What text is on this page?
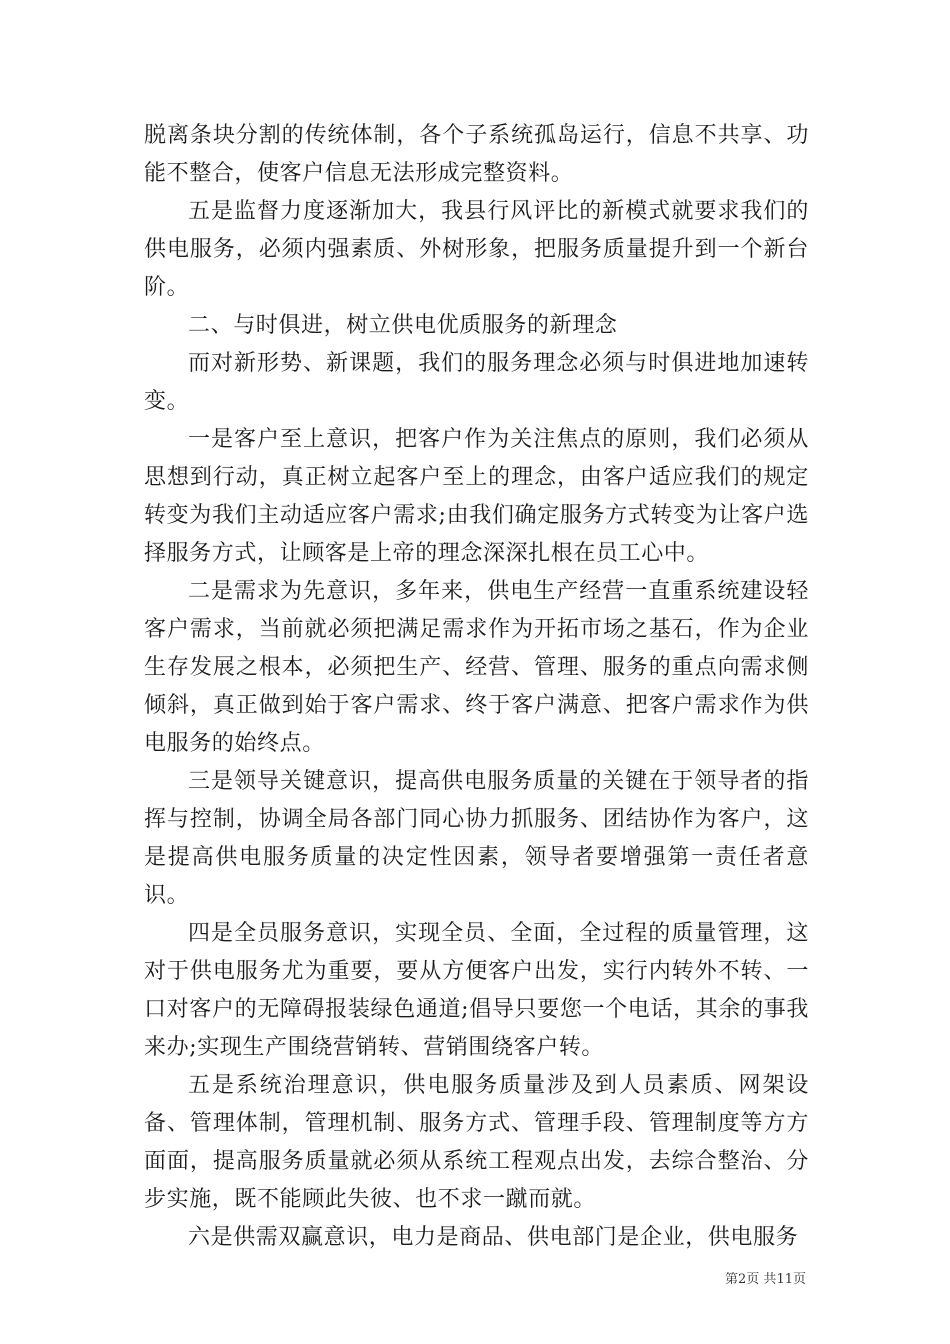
脱离条块分割的传统体制，各个子系统孤岛运行，信息不共享、功能不整合，使客户信息无法形成完整资料。

五是监督力度逐渐加大，我县行风评比的新模式就要求我们的供电服务，必须内强素质、外树形象，把服务质量提升到一个新台阶。

二、与时俱进，树立供电优质服务的新理念

而对新形势、新课题，我们的服务理念必须与时俱进地加速转变。

一是客户至上意识，把客户作为关注焦点的原则，我们必须从思想到行动，真正树立起客户至上的理念，由客户适应我们的规定转变为我们主动适应客户需求;由我们确定服务方式转变为让客户选择服务方式，让顾客是上帝的理念深深扎根在员工心中。

二是需求为先意识，多年来，供电生产经营一直重系统建设轻客户需求，当前就必须把满足需求作为开拓市场之基石，作为企业生存发展之根本，必须把生产、经营、管理、服务的重点向需求侧倾斜，真正做到始于客户需求、终于客户满意、把客户需求作为供电服务的始终点。

三是领导关键意识，提高供电服务质量的关键在于领导者的指挥与控制，协调全局各部门同心协力抓服务、团结协作为客户，这是提高供电服务质量的决定性因素，领导者要增强第一责任者意识。

四是全员服务意识，实现全员、全面，全过程的质量管理，这对于供电服务尤为重要，要从方便客户出发，实行内转外不转、一口对客户的无障碍报装绿色通道;倡导只要您一个电话，其余的事我来办;实现生产围绕营销转、营销围绕客户转。

五是系统治理意识，供电服务质量涉及到人员素质、网架设备、管理体制，管理机制、服务方式、管理手段、管理制度等方方面面，提高服务质量就必须从系统工程观点出发，去综合整治、分步实施，既不能顾此失彼、也不求一蹴而就。

六是供需双赢意识，电力是商品、供电部门是企业，供电服务

第2页 共11页
